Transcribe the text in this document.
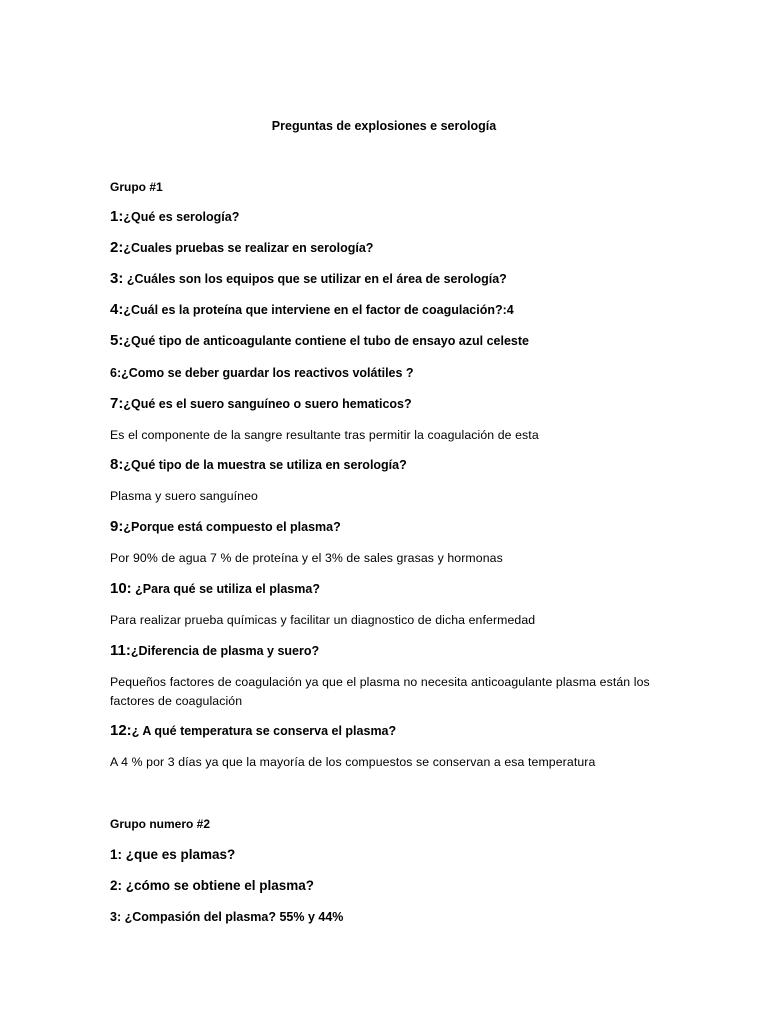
Preguntas de explosiones e serología
Grupo #1
1:¿Qué es serología?
2:¿Cuales pruebas se realizar en serología?
3: ¿Cuáles son los equipos que se utilizar en el área de serología?
4:¿Cuál es la proteína que interviene en el factor de coagulación?:4
5:¿Qué tipo de anticoagulante contiene el tubo de ensayo azul celeste
6:¿Como se deber guardar los reactivos volátiles ?
7:¿Qué es el suero sanguíneo o suero hematicos?
Es el componente de la sangre resultante tras permitir la coagulación de esta
8:¿Qué tipo de la muestra se utiliza en serología?
Plasma y suero sanguíneo
9:¿Porque está compuesto el plasma?
Por 90% de agua 7 % de proteína y el 3% de sales grasas y hormonas
10: ¿Para qué se utiliza el plasma?
Para realizar prueba químicas y facilitar un diagnostico de dicha enfermedad
11:¿Diferencia de plasma y suero?
Pequeños factores de coagulación ya que el plasma no necesita anticoagulante plasma están los factores de coagulación
12:¿ A qué temperatura se conserva el plasma?
A 4 % por 3 días ya que la mayoría de los compuestos se conservan a esa temperatura
Grupo numero #2
1: ¿que es plamas?
2: ¿cómo se obtiene el plasma?
3: ¿Compasión del plasma? 55% y 44%
